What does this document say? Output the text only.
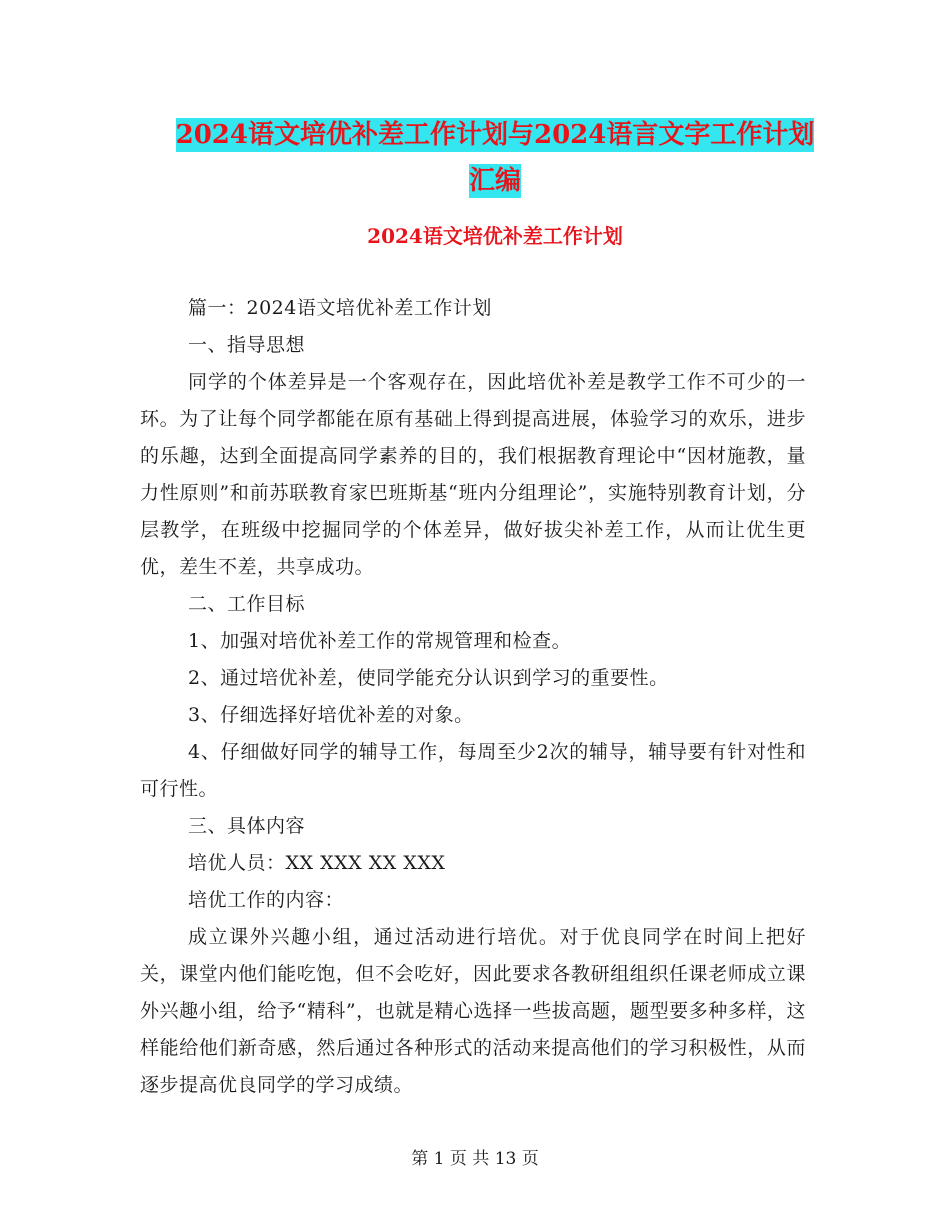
2024语文培优补差工作计划与2024语言文字工作计划
汇编
2024语文培优补差工作计划

篇一：2024语文培优补差工作计划

一、指导思想

同学的个体差异是一个客观存在，因此培优补差是教学工作不可少的一环。为了让每个同学都能在原有基础上得到提高进展，体验学习的欢乐，进步的乐趣，达到全面提高同学素养的目的，我们根据教育理论中“因材施教，量力性原则”和前苏联教育家巴班斯基“班内分组理论”，实施特别教育计划，分层教学，在班级中挖掘同学的个体差异，做好拔尖补差工作，从而让优生更优，差生不差，共享成功。

二、工作目标

1、加强对培优补差工作的常规管理和检查。

2、通过培优补差，使同学能充分认识到学习的重要性。

3、仔细选择好培优补差的对象。

4、仔细做好同学的辅导工作，每周至少2次的辅导，辅导要有针对性和可行性。

三、具体内容

培优人员：XX XXX XX XXX

培优工作的内容：

成立课外兴趣小组，通过活动进行培优。对于优良同学在时间上把好关，课堂内他们能吃饱，但不会吃好，因此要求各教研组组织任课老师成立课外兴趣小组，给予“精科”，也就是精心选择一些拔高题，题型要多种多样，这样能给他们新奇感，然后通过各种形式的活动来提高他们的学习积极性，从而逐步提高优良同学的学习成绩。

第 1 页 共 13 页
